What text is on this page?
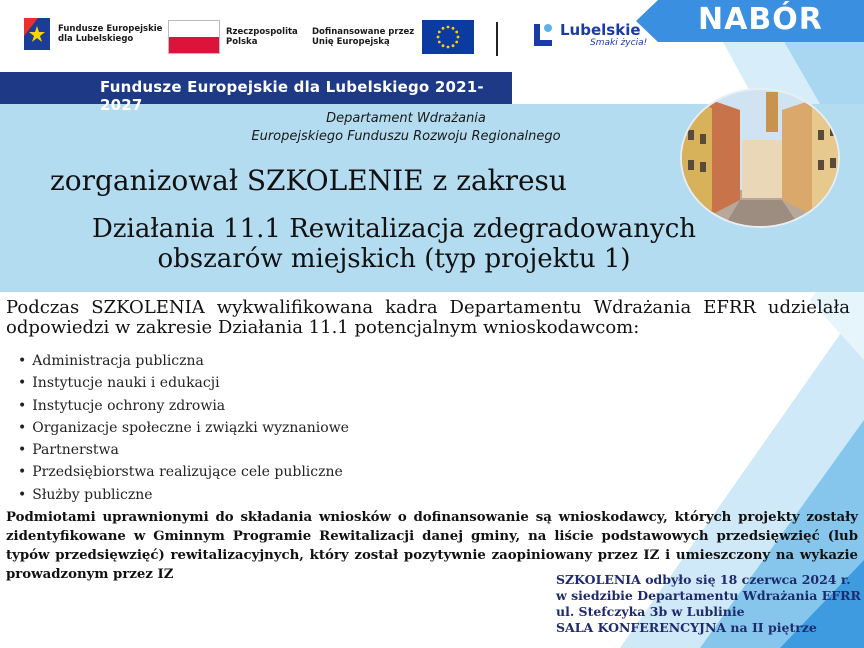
Fundusze Europejskie
dla Lubelskiego
Rzeczpospolita
Polska
Dofinansowane przez
Unię Europejską
Lubelskie
Smaki życia!
NABÓR
Fundusze Europejskie dla Lubelskiego 2021-2027
Departament Wdrażania
Europejskiego Funduszu Rozwoju Regionalnego
zorganizował SZKOLENIE z zakresu
Działania 11.1 Rewitalizacja zdegradowanych
obszarów miejskich (typ projektu 1)
Podczas SZKOLENIA wykwalifikowana kadra Departamentu Wdrażania EFRR udzielała odpowiedzi w zakresie Działania 11.1 potencjalnym wnioskodawcom:
• Administracja publiczna
• Instytucje nauki i edukacji
• Instytucje ochrony zdrowia
• Organizacje społeczne i związki wyznaniowe
• Partnerstwa
• Przedsiębiorstwa realizujące cele publiczne
• Służby publiczne
Podmiotami uprawnionymi do składania wniosków o dofinansowanie są wnioskodawcy, których projekty zostały zidentyfikowane w Gminnym Programie Rewitalizacji danej gminy, na liście podstawowych przedsięwzięć (lub typów przedsięwzięć) rewitalizacyjnych, który został pozytywnie zaopiniowany przez IZ i umieszczony na wykazie prowadzonym przez IZ	SZKOLENIA odbyło się 18 czerwca 2024 r.
w siedzibie Departamentu Wdrażania EFRR
ul. Stefczyka 3b w Lublinie
SALA KONFERENCYJNA na II piętrze
